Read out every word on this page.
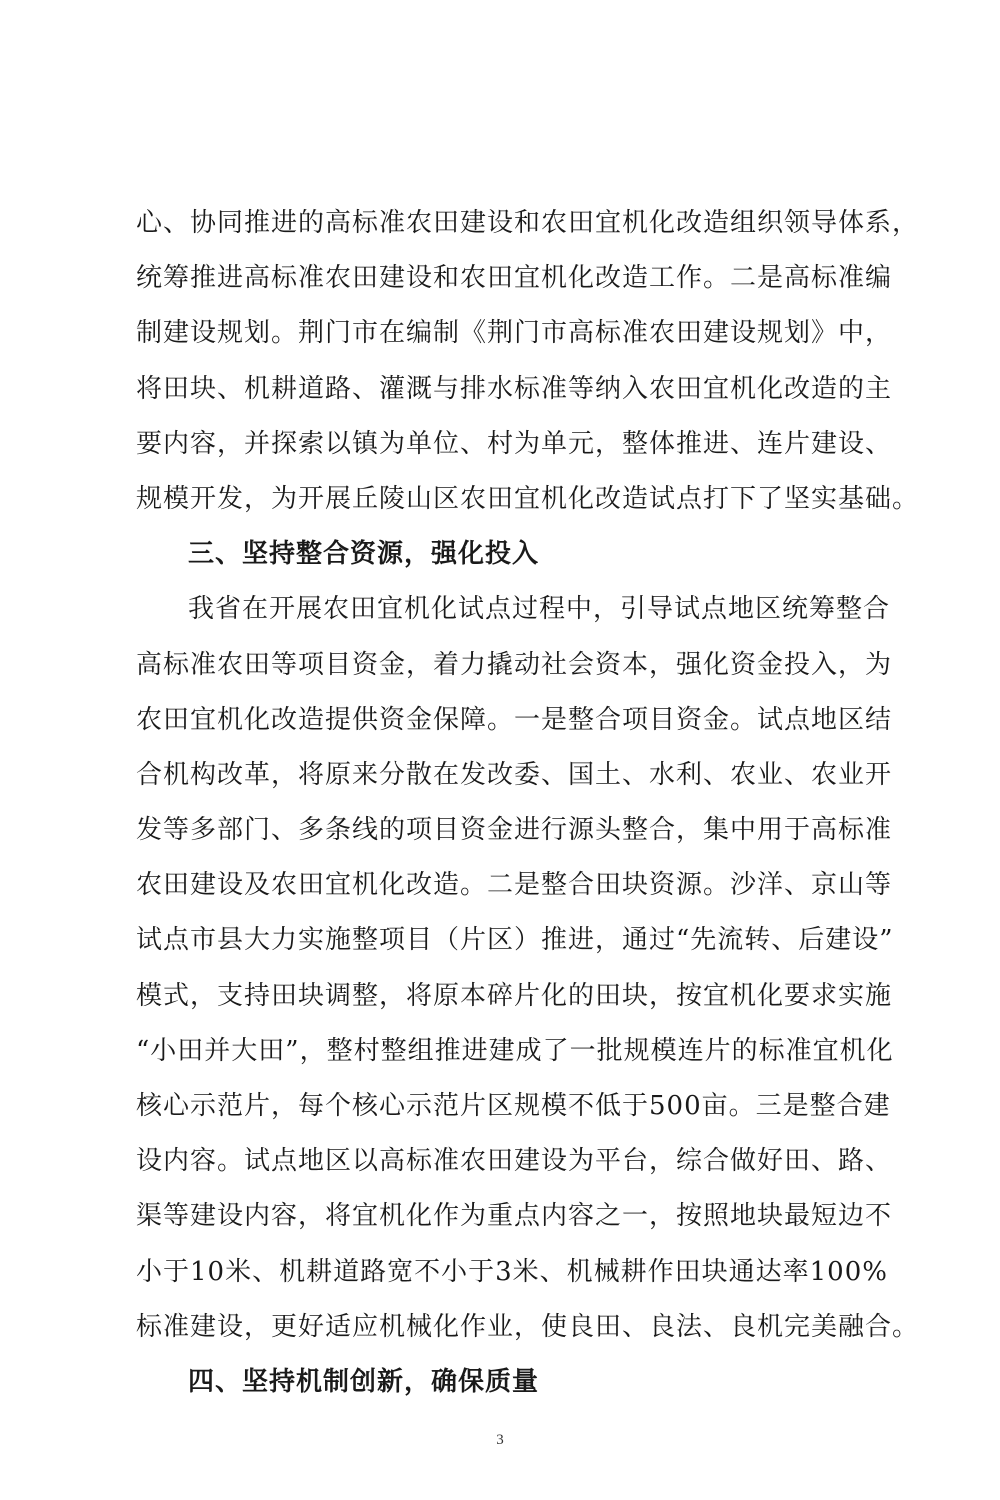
心、协同推进的高标准农田建设和农田宜机化改造组织领导体系，
统筹推进高标准农田建设和农田宜机化改造工作。二是高标准编
制建设规划。荆门市在编制《荆门市高标准农田建设规划》中，
将田块、机耕道路、灌溉与排水标准等纳入农田宜机化改造的主
要内容，并探索以镇为单位、村为单元，整体推进、连片建设、
规模开发，为开展丘陵山区农田宜机化改造试点打下了坚实基础。
三、坚持整合资源，强化投入
我省在开展农田宜机化试点过程中，引导试点地区统筹整合
高标准农田等项目资金，着力撬动社会资本，强化资金投入，为
农田宜机化改造提供资金保障。一是整合项目资金。试点地区结
合机构改革，将原来分散在发改委、国土、水利、农业、农业开
发等多部门、多条线的项目资金进行源头整合，集中用于高标准
农田建设及农田宜机化改造。二是整合田块资源。沙洋、京山等
试点市县大力实施整项目（片区）推进，通过“先流转、后建设”
模式，支持田块调整，将原本碎片化的田块，按宜机化要求实施
“小田并大田”，整村整组推进建成了一批规模连片的标准宜机化
核心示范片，每个核心示范片区规模不低于500亩。三是整合建
设内容。试点地区以高标准农田建设为平台，综合做好田、路、
渠等建设内容，将宜机化作为重点内容之一，按照地块最短边不
小于10米、机耕道路宽不小于3米、机械耕作田块通达率100%
标准建设，更好适应机械化作业，使良田、良法、良机完美融合。
四、坚持机制创新，确保质量
3
